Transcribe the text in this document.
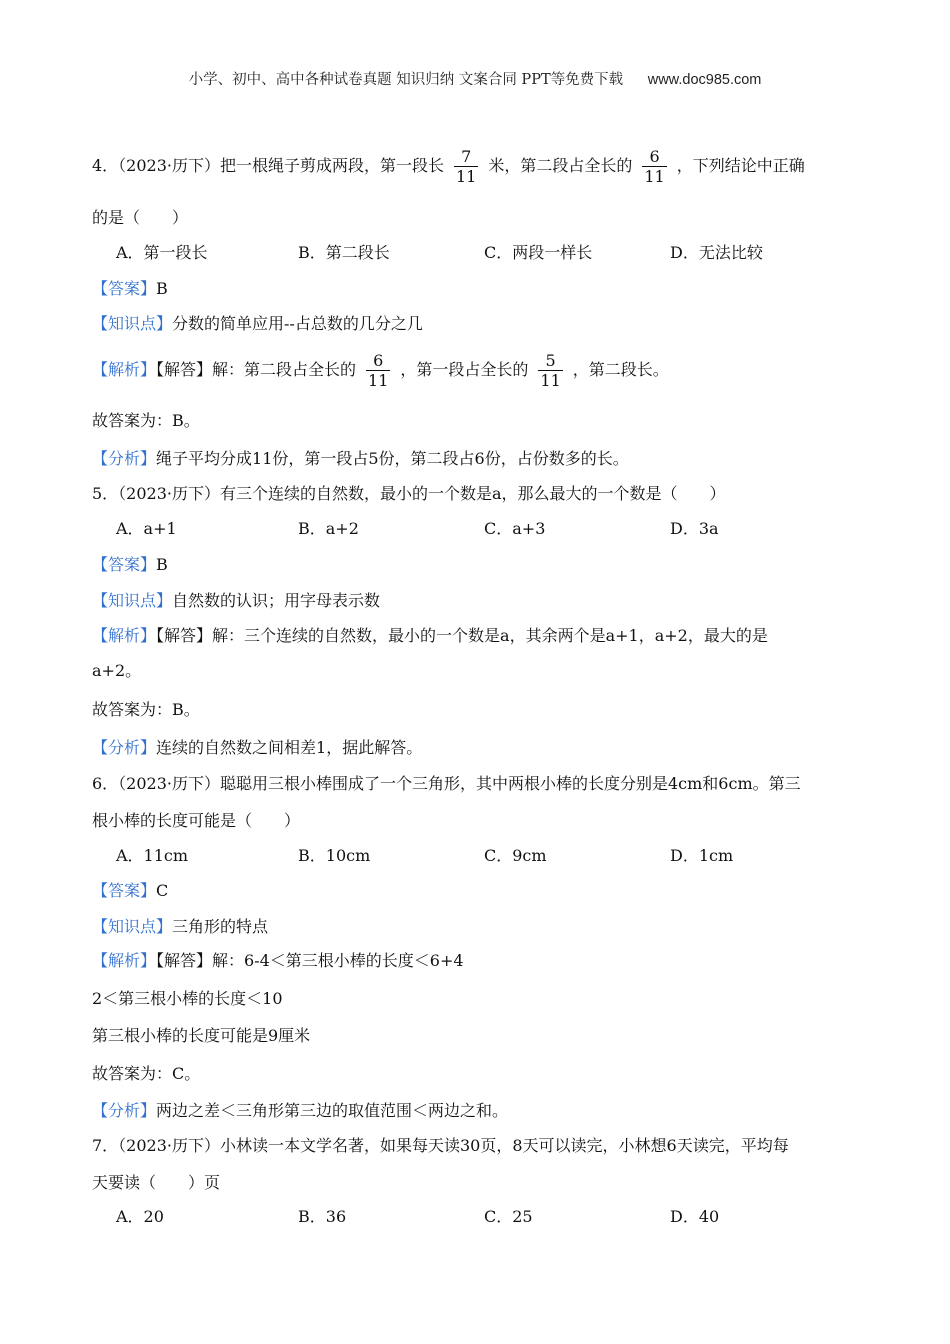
小学、初中、高中各种试卷真题 知识归纳 文案合同 PPT等免费下载 www.doc985.com
4．（2023·历下）把一根绳子剪成两段，第一段长 $\frac{7}{11}$ 米，第二段占全长的 $\frac{6}{11}$ ，下列结论中正确
的是（　　）
A．第一段长	B．第二段长	C．两段一样长	D．无法比较
【答案】B
【知识点】分数的简单应用--占总数的几分之几
【解析】【解答】解：第二段占全长的 $\frac{6}{11}$ ，第一段占全长的 $\frac{5}{11}$ ，第二段长。
故答案为：B。
【分析】绳子平均分成11份，第一段占5份，第二段占6份，占份数多的长。
5．（2023·历下）有三个连续的自然数，最小的一个数是a，那么最大的一个数是（　　）
A．a+1	B．a+2	C．a+3	D．3a
【答案】B
【知识点】自然数的认识；用字母表示数
【解析】【解答】解：三个连续的自然数，最小的一个数是a，其余两个是a+1，a+2，最大的是
a+2。
故答案为：B。
【分析】连续的自然数之间相差1，据此解答。
6．（2023·历下）聪聪用三根小棒围成了一个三角形，其中两根小棒的长度分别是4cm和6cm。第三
根小棒的长度可能是（　　）
A．11cm	B．10cm	C．9cm	D．1cm
【答案】C
【知识点】三角形的特点
【解析】【解答】解：6-4＜第三根小棒的长度＜6+4
2＜第三根小棒的长度＜10
第三根小棒的长度可能是9厘米
故答案为：C。
【分析】两边之差＜三角形第三边的取值范围＜两边之和。
7．（2023·历下）小林读一本文学名著，如果每天读30页，8天可以读完，小林想6天读完，平均每
天要读（　　）页
A．20	B．36	C．25	D．40
